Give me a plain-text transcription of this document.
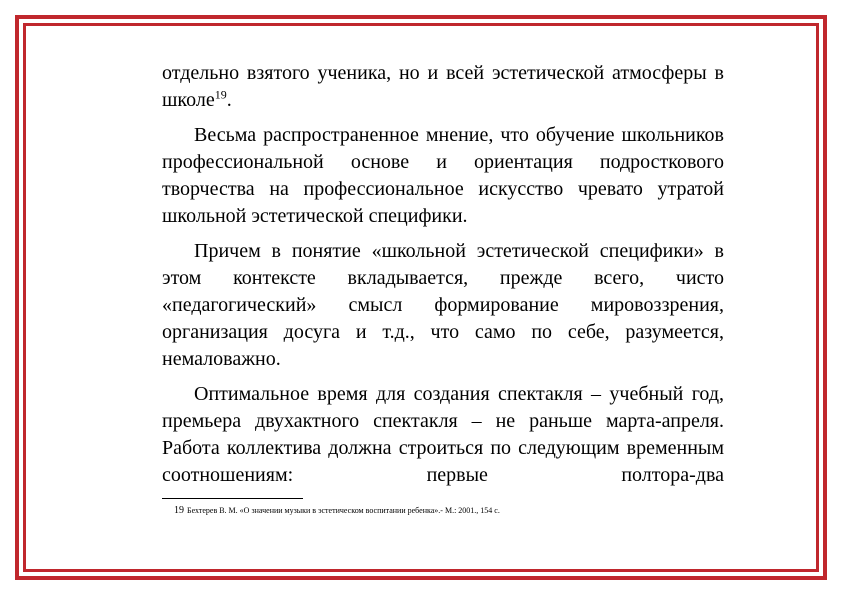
отдельно взятого ученика, но и всей эстетической атмосферы в школе$^{19}$.

Весьма распространенное мнение, что обучение школьников профессиональной основе и ориентация подросткового творчества на профессиональное искусство чревато утратой школьной эстетической специфики.

Причем в понятие «школьной эстетической специфики» в этом контексте вкладывается, прежде всего, чисто «педагогический» смысл формирование мировоззрения, организация досуга и т.д., что само по себе, разумеется, немаловажно.

Оптимальное время для создания спектакля – учебный год, премьера двухактного спектакля – не раньше марта-апреля. Работа коллектива должна строиться по следующим временным соотношениям: первые полтора-два

19 Бехтерев В. М. «О значении музыки в эстетическом воспитании ребенка».- М.: 2001., 154 с.
